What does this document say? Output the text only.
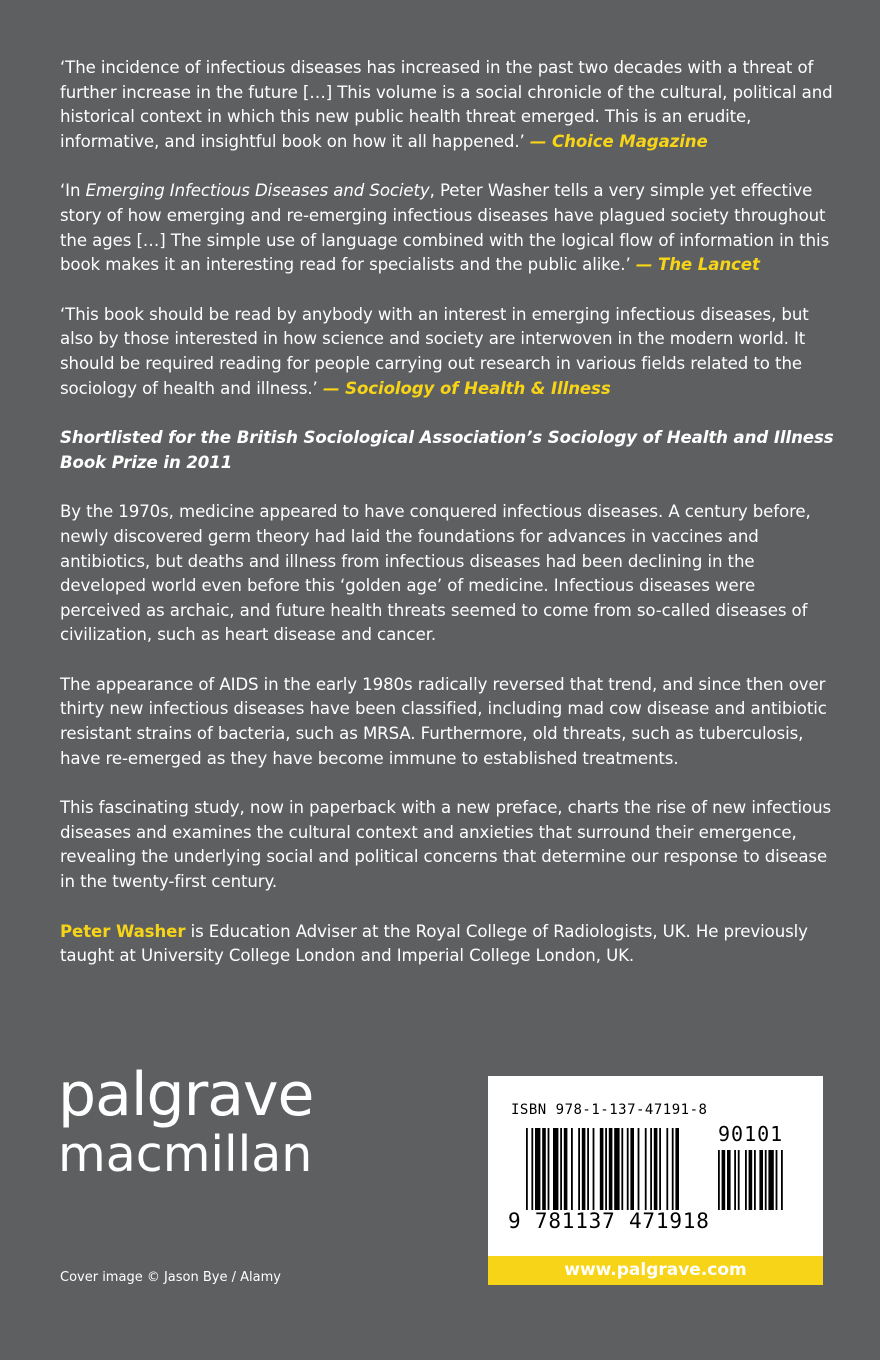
‘The incidence of infectious diseases has increased in the past two decades with a threat of further increase in the future […] This volume is a social chronicle of the cultural, political and historical context in which this new public health threat emerged. This is an erudite, informative, and insightful book on how it all happened.’ — Choice Magazine

‘In Emerging Infectious Diseases and Society, Peter Washer tells a very simple yet effective story of how emerging and re-emerging infectious diseases have plagued society throughout the ages […] The simple use of language combined with the logical flow of information in this book makes it an interesting read for specialists and the public alike.’ — The Lancet

‘This book should be read by anybody with an interest in emerging infectious diseases, but also by those interested in how science and society are interwoven in the modern world. It should be required reading for people carrying out research in various fields related to the sociology of health and illness.’ — Sociology of Health & Illness

Shortlisted for the British Sociological Association’s Sociology of Health and Illness Book Prize in 2011

By the 1970s, medicine appeared to have conquered infectious diseases. A century before, newly discovered germ theory had laid the foundations for advances in vaccines and antibiotics, but deaths and illness from infectious diseases had been declining in the developed world even before this ‘golden age’ of medicine. Infectious diseases were perceived as archaic, and future health threats seemed to come from so-called diseases of civilization, such as heart disease and cancer.

The appearance of AIDS in the early 1980s radically reversed that trend, and since then over thirty new infectious diseases have been classified, including mad cow disease and antibiotic resistant strains of bacteria, such as MRSA. Furthermore, old threats, such as tuberculosis, have re-emerged as they have become immune to established treatments.

This fascinating study, now in paperback with a new preface, charts the rise of new infectious diseases and examines the cultural context and anxieties that surround their emergence, revealing the underlying social and political concerns that determine our response to disease in the twenty-first century.

Peter Washer is Education Adviser at the Royal College of Radiologists, UK. He previously taught at University College London and Imperial College London, UK.

palgrave
macmillan
Cover image © Jason Bye / Alamy
ISBN 978-1-137-47191-8
90101
9 781137 471918
www.palgrave.com
